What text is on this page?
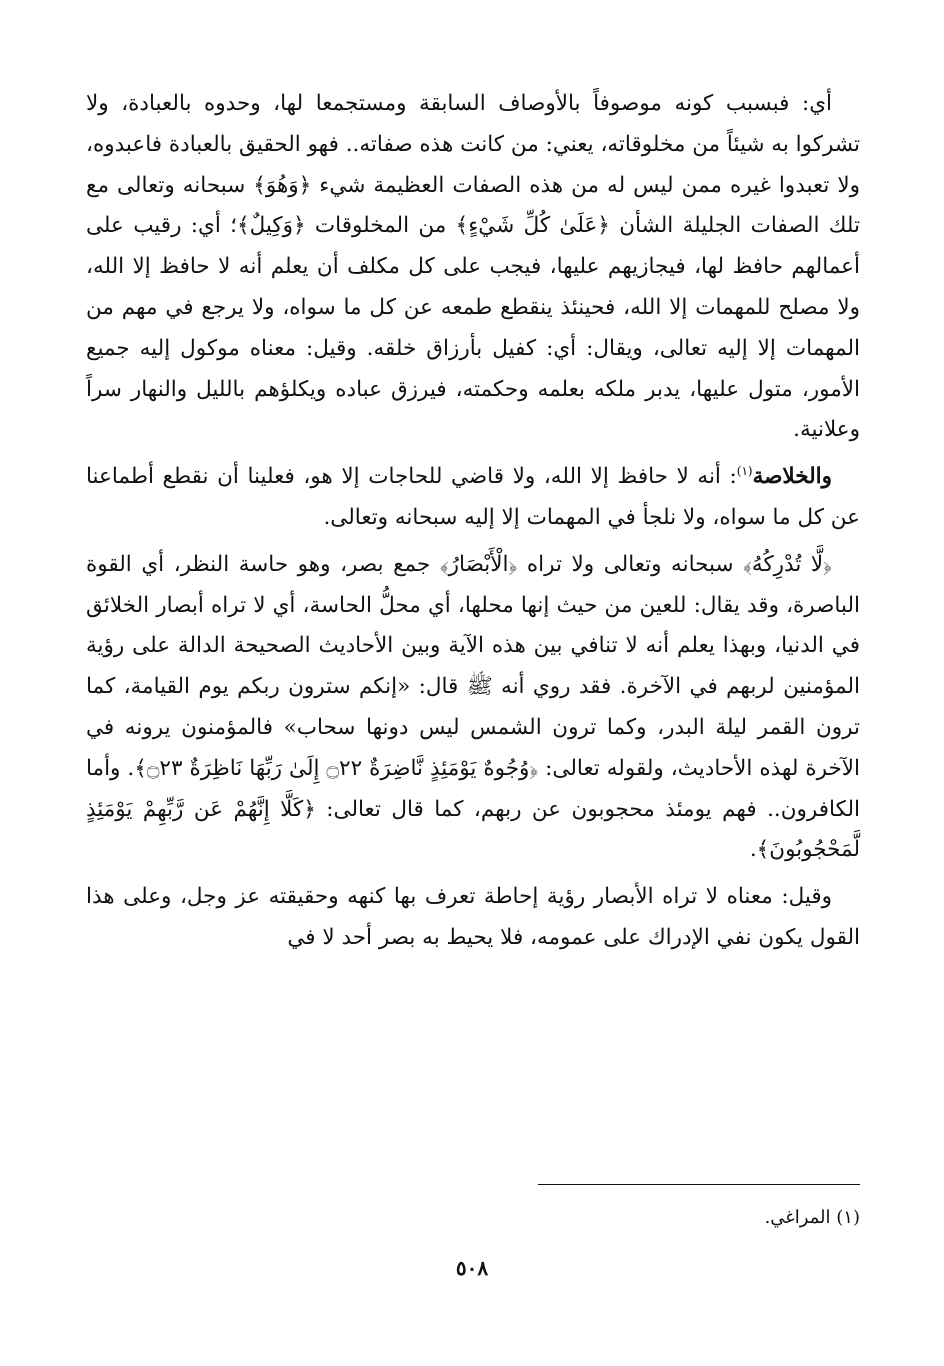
أي: فبسبب كونه موصوفاً بالأوصاف السابقة ومستجمعا لها، وحدوه بالعبادة، ولا تشركوا به شيئاً من مخلوقاته، يعني: من كانت هذه صفاته.. فهو الحقيق بالعبادة فاعبدوه، ولا تعبدوا غيره ممن ليس له من هذه الصفات العظيمة شيء ﴿وَهُوَ﴾ سبحانه وتعالى مع تلك الصفات الجليلة الشأن ﴿عَلَىٰ كُلِّ شَيْءٍ﴾ من المخلوقات ﴿وَكِيلٌ﴾؛ أي: رقيب على أعمالهم حافظ لها، فيجازيهم عليها، فيجب على كل مكلف أن يعلم أنه لا حافظ إلا الله، ولا مصلح للمهمات إلا الله، فحينئذ ينقطع طمعه عن كل ما سواه، ولا يرجع في مهم من المهمات إلا إليه تعالى، ويقال: أي: كفيل بأرزاق خلقه. وقيل: معناه موكول إليه جميع الأمور، متول عليها، يدبر ملكه بعلمه وحكمته، فيرزق عباده ويكلؤهم بالليل والنهار سراً وعلانية.

والخلاصة$^{(١)}$: أنه لا حافظ إلا الله، ولا قاضي للحاجات إلا هو، فعلينا أن نقطع أطماعنا عن كل ما سواه، ولا نلجأ في المهمات إلا إليه سبحانه وتعالى.

﴿لَّا تُدْرِكُهُ﴾ سبحانه وتعالى ولا تراه ﴿الْأَبْصَارُ﴾ جمع بصر، وهو حاسة النظر، أي القوة الباصرة، وقد يقال: للعين من حيث إنها محلها، أي محلُّ الحاسة، أي لا تراه أبصار الخلائق في الدنيا، وبهذا يعلم أنه لا تنافي بين هذه الآية وبين الأحاديث الصحيحة الدالة على رؤية المؤمنين لربهم في الآخرة. فقد روي أنه ﷺ قال: «إنكم سترون ربكم يوم القيامة، كما ترون القمر ليلة البدر، وكما ترون الشمس ليس دونها سحاب» فالمؤمنون يرونه في الآخرة لهذه الأحاديث، ولقوله تعالى: ﴿وُجُوهٌ يَوْمَئِذٍ نَّاضِرَةٌ ۝٢٢ إِلَىٰ رَبِّهَا نَاظِرَةٌ ۝٢٣﴾. وأما الكافرون.. فهم يومئذ محجوبون عن ربهم، كما قال تعالى: ﴿كَلَّا إِنَّهُمْ عَن رَّبِّهِمْ يَوْمَئِذٍ لَّمَحْجُوبُونَ﴾.

وقيل: معناه لا تراه الأبصار رؤية إحاطة تعرف بها كنهه وحقيقته عز وجل، وعلى هذا القول يكون نفي الإدراك على عمومه، فلا يحيط به بصر أحد لا في

(١) المراغي.
٥٠٨
